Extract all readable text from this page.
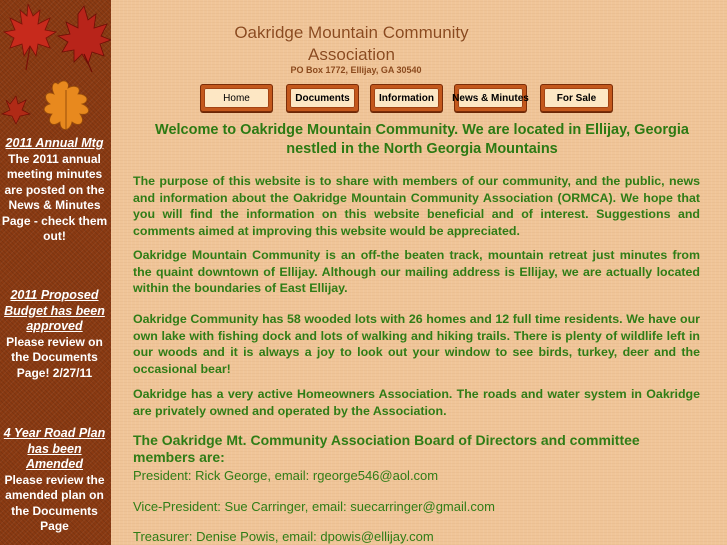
2011 Annual Mtg
The 2011 annual meeting minutes are posted on the News & Minutes Page - check them out!
2011 Proposed Budget has been approved
Please review on the Documents Page! 2/27/11
4 Year Road Plan has been Amended
Please review the amended plan on the Documents Page
Oakridge Mountain Community Association
PO Box 1772, Ellijay, GA 30540
Home	Documents	Information	News & Minutes	For Sale

Welcome to Oakridge Mountain Community. We are located in Ellijay, Georgia nestled in the North Georgia Mountains

The purpose of this website is to share with members of our community, and the public, news and information about the Oakridge Mountain Community Association (ORMCA). We hope that you will find the information on this website beneficial and of interest. Suggestions and comments aimed at improving this website would be appreciated.

Oakridge Mountain Community is an off-the beaten track, mountain retreat just minutes from the quaint downtown of Ellijay. Although our mailing address is Ellijay, we are actually located within the boundaries of East Ellijay.

Oakridge Community has 58 wooded lots with 26 homes and 12 full time residents. We have our own lake with fishing dock and lots of walking and hiking trails. There is plenty of wildlife left in our woods and it is always a joy to look out your window to see birds, turkey, deer and the occasional bear!

Oakridge has a very active Homeowners Association. The roads and water system in Oakridge are privately owned and operated by the Association.

The Oakridge Mt. Community Association Board of Directors and committee members are:

President: Rick George, email: rgeorge546@aol.com

Vice-President: Sue Carringer, email: suecarringer@gmail.com

Treasurer: Denise Powis, email: dpowis@ellijay.com
